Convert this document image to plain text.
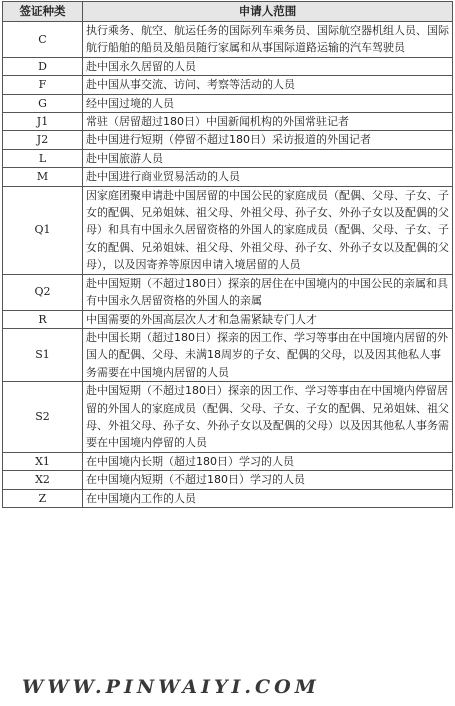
签证种类	申请人范围
C	执行乘务、航空、航运任务的国际列车乘务员、国际航空器机组人员、国际航行船舶的船员及船员随行家属和从事国际道路运输的汽车驾驶员
D	赴中国永久居留的人员
F	赴中国从事交流、访问、考察等活动的人员
G	经中国过境的人员
J1	常驻（居留超过180日）中国新闻机构的外国常驻记者
J2	赴中国进行短期（停留不超过180日）采访报道的外国记者
L	赴中国旅游人员
M	赴中国进行商业贸易活动的人员
Q1	因家庭团聚申请赴中国居留的中国公民的家庭成员（配偶、父母、子女、子女的配偶、兄弟姐妹、祖父母、外祖父母、孙子女、外孙子女以及配偶的父母）和具有中国永久居留资格的外国人的家庭成员（配偶、父母、子女、子女的配偶、兄弟姐妹、祖父母、外祖父母、孙子女、外孙子女以及配偶的父母），以及因寄养等原因申请入境居留的人员
Q2	赴中国短期（不超过180日）探亲的居住在中国境内的中国公民的亲属和具有中国永久居留资格的外国人的亲属
R	中国需要的外国高层次人才和急需紧缺专门人才
S1	赴中国长期（超过180日）探亲的因工作、学习等事由在中国境内居留的外国人的配偶、父母、未满18周岁的子女、配偶的父母，以及因其他私人事务需要在中国境内居留的人员
S2	赴中国短期（不超过180日）探亲的因工作、学习等事由在中国境内停留居留的外国人的家庭成员（配偶、父母、子女、子女的配偶、兄弟姐妹、祖父母、外祖父母、孙子女、外孙子女以及配偶的父母）以及因其他私人事务需要在中国境内停留的人员
X1	在中国境内长期（超过180日）学习的人员
X2	在中国境内短期（不超过180日）学习的人员
Z	在中国境内工作的人员
WWW.PINWAIYI.COM
